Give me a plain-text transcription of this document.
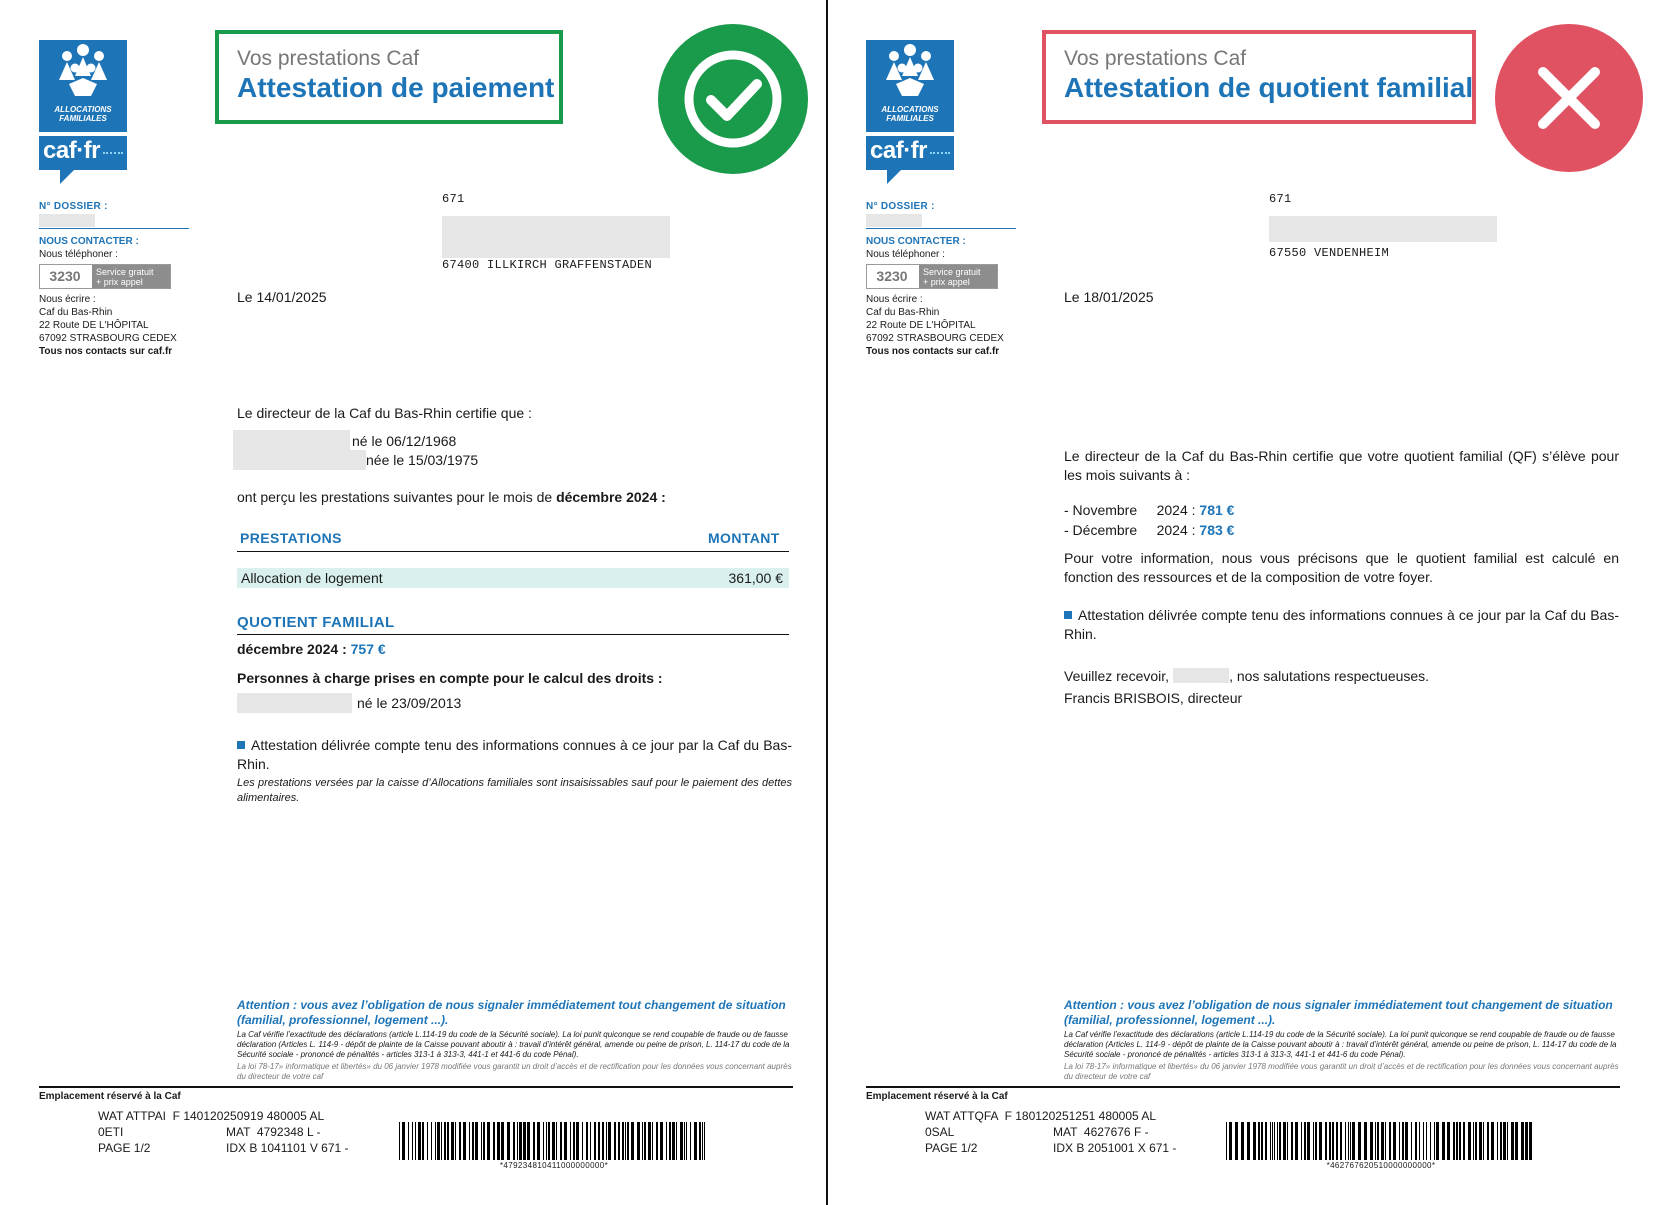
ALLOCATIONS
FAMILIALES
caf·fr
N° DOSSIER :
NOUS CONTACTER :
Nous téléphoner :
3230	Service gratuit
+ prix appel
Nous écrire :
Caf du Bas-Rhin
22 Route DE L'HÔPITAL
67092 STRASBOURG CEDEX
Tous nos contacts sur caf.fr
Vos prestations Caf
Attestation de paiement
671
67400 ILLKIRCH GRAFFENSTADEN
Le 14/01/2025
Le directeur de la Caf du Bas-Rhin certifie que :
né le 06/12/1968
née le 15/03/1975
ont perçu les prestations suivantes pour le mois de décembre 2024 :
PRESTATIONS	MONTANT
Allocation de logement	361,00 €
QUOTIENT FAMILIAL
décembre 2024 : 757 €
Personnes à charge prises en compte pour le calcul des droits :
né le 23/09/2013
Attestation délivrée compte tenu des informations connues à ce jour par la Caf du Bas-Rhin.
Les prestations versées par la caisse d’Allocations familiales sont insaisissables sauf pour le paiement des dettes alimentaires.
Attention : vous avez l’obligation de nous signaler immédiatement tout changement de situation (familial, professionnel, logement ...).
La Caf vérifie l’exactitude des déclarations (article L.114-19 du code de la Sécurité sociale). La loi punit quiconque se rend coupable de fraude ou de fausse déclaration (Articles L. 114-9 - dépôt de plainte de la Caisse pouvant aboutir à : travail d’intérêt général, amende ou peine de prison, L. 114-17 du code de la Sécurité sociale - prononcé de pénalités - articles 313-1 à 313-3, 441-1 et 441-6 du code Pénal).
La loi 78-17» informatique et libertés» du 06 janvier 1978 modifiée vous garantit un droit d’accès et de rectification pour les données vous concernant auprès du directeur de votre caf
Emplacement réservé à la Caf
WAT ATTPAI  F 140120250919 480005 AL
0ETI	MAT  4792348 L -
PAGE 1/2	IDX B 1041101 V 671 -
*479234810411000000000*
ALLOCATIONS
FAMILIALES
caf·fr
N° DOSSIER :
NOUS CONTACTER :
Nous téléphoner :
3230	Service gratuit
+ prix appel
Nous écrire :
Caf du Bas-Rhin
22 Route DE L'HÔPITAL
67092 STRASBOURG CEDEX
Tous nos contacts sur caf.fr
Vos prestations Caf
Attestation de quotient familial
671
67550 VENDENHEIM
Le 18/01/2025
Le directeur de la Caf du Bas-Rhin certifie que votre quotient familial (QF) s’élève pour les mois suivants à :
- Novembre     2024 : 781 €
- Décembre     2024 : 783 €
Pour votre information, nous vous précisons que le quotient familial est calculé en fonction des ressources et de la composition de votre foyer.
Attestation délivrée compte tenu des informations connues à ce jour par la Caf du Bas-Rhin.
Veuillez recevoir,	, nos salutations respectueuses.
Francis BRISBOIS, directeur
Attention : vous avez l’obligation de nous signaler immédiatement tout changement de situation (familial, professionnel, logement ...).
La Caf vérifie l’exactitude des déclarations (article L.114-19 du code de la Sécurité sociale). La loi punit quiconque se rend coupable de fraude ou de fausse déclaration (Articles L. 114-9 - dépôt de plainte de la Caisse pouvant aboutir à : travail d’intérêt général, amende ou peine de prison, L. 114-17 du code de la Sécurité sociale - prononcé de pénalités - articles 313-1 à 313-3, 441-1 et 441-6 du code Pénal).
La loi 78-17» informatique et libertés» du 06 janvier 1978 modifiée vous garantit un droit d’accès et de rectification pour les données vous concernant auprès du directeur de votre caf
Emplacement réservé à la Caf
WAT ATTQFA  F 180120251251 480005 AL
0SAL	MAT  4627676 F -
PAGE 1/2	IDX B 2051001 X 671 -
*462767620510000000000*
